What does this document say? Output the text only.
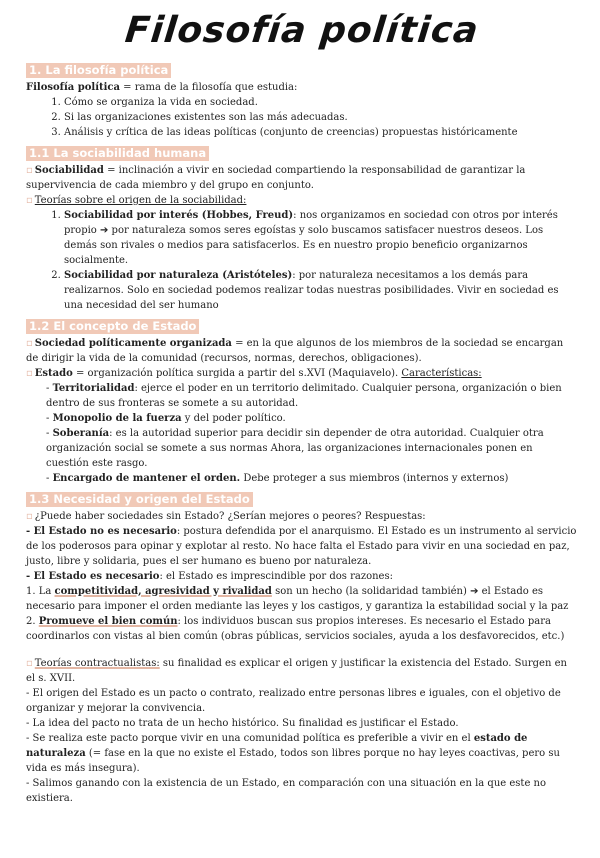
Filosofía política
1. La filosofía política

Filosofía política = rama de la filosofía que estudia:

1. Cómo se organiza la vida en sociedad.
2. Si las organizaciones existentes son las más adecuadas.
3. Análisis y crítica de las ideas políticas (conjunto de creencias) propuestas históricamente
1.1 La sociabilidad humana

▫ Sociabilidad = inclinación a vivir en sociedad compartiendo la responsabilidad de garantizar la supervivencia de cada miembro y del grupo en conjunto.

▫ Teorías sobre el origen de la sociabilidad:

1. Sociabilidad por interés (Hobbes, Freud): nos organizamos en sociedad con otros por interés propio ➔ por naturaleza somos seres egoístas y solo buscamos satisfacer nuestros deseos. Los demás son rivales o medios para satisfacerlos. Es en nuestro propio beneficio organizarnos socialmente.
2. Sociabilidad por naturaleza (Aristóteles): por naturaleza necesitamos a los demás para realizarnos. Solo en sociedad podemos realizar todas nuestras posibilidades. Vivir en sociedad es una necesidad del ser humano
1.2 El concepto de Estado

▫ Sociedad políticamente organizada = en la que algunos de los miembros de la sociedad se encargan de dirigir la vida de la comunidad (recursos, normas, derechos, obligaciones).

▫ Estado = organización política surgida a partir del s.XVI (Maquiavelo). Características:

- Territorialidad: ejerce el poder en un territorio delimitado. Cualquier persona, organización o bien dentro de sus fronteras se somete a su autoridad.

- Monopolio de la fuerza y del poder político.

- Soberanía: es la autoridad superior para decidir sin depender de otra autoridad. Cualquier otra organización social se somete a sus normas Ahora, las organizaciones internacionales ponen en cuestión este rasgo.

- Encargado de mantener el orden. Debe proteger a sus miembros (internos y externos)

1.3 Necesidad y origen del Estado

▫ ¿Puede haber sociedades sin Estado? ¿Serían mejores o peores? Respuestas:

- El Estado no es necesario: postura defendida por el anarquismo. El Estado es un instrumento al servicio de los poderosos para opinar y explotar al resto. No hace falta el Estado para vivir en una sociedad en paz, justo, libre y solidaria, pues el ser humano es bueno por naturaleza.

- El Estado es necesario: el Estado es imprescindible por dos razones:

1. La competitividad, agresividad y rivalidad son un hecho (la solidaridad también) ➔ el Estado es necesario para imponer el orden mediante las leyes y los castigos, y garantiza la estabilidad social y la paz

2. Promueve el bien común: los individuos buscan sus propios intereses. Es necesario el Estado para coordinarlos con vistas al bien común (obras públicas, servicios sociales, ayuda a los desfavorecidos, etc.)

▫ Teorías contractualistas: su finalidad es explicar el origen y justificar la existencia del Estado. Surgen en el s. XVII.

- El origen del Estado es un pacto o contrato, realizado entre personas libres e iguales, con el objetivo de organizar y mejorar la convivencia.

- La idea del pacto no trata de un hecho histórico. Su finalidad es justificar el Estado.

- Se realiza este pacto porque vivir en una comunidad política es preferible a vivir en el estado de naturaleza (= fase en la que no existe el Estado, todos son libres porque no hay leyes coactivas, pero su vida es más insegura).

- Salimos ganando con la existencia de un Estado, en comparación con una situación en la que este no existiera.
